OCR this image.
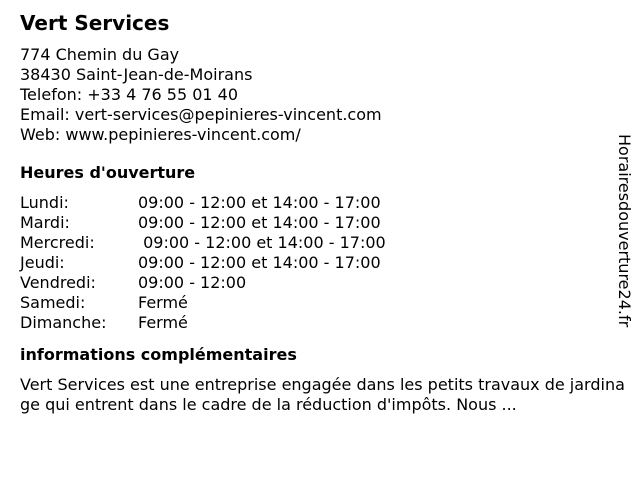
Vert Services
774 Chemin du Gay
38430 Saint-Jean-de-Moirans
Telefon: +33 4 76 55 01 40
Email: vert-services@pepinieres-vincent.com
Web: www.pepinieres-vincent.com/
Heures d'ouverture
Lundi:	09:00 - 12:00 et 14:00 - 17:00
Mardi:	09:00 - 12:00 et 14:00 - 17:00
Mercredi:	09:00 - 12:00 et 14:00 - 17:00
Jeudi:	09:00 - 12:00 et 14:00 - 17:00
Vendredi:	09:00 - 12:00
Samedi:	Fermé
Dimanche:	Fermé
informations complémentaires
Vert Services est une entreprise engagée dans les petits travaux de jardinage qui entrent dans le cadre de la réduction d'impôts. Nous ...
Horairesdouverture24.fr
